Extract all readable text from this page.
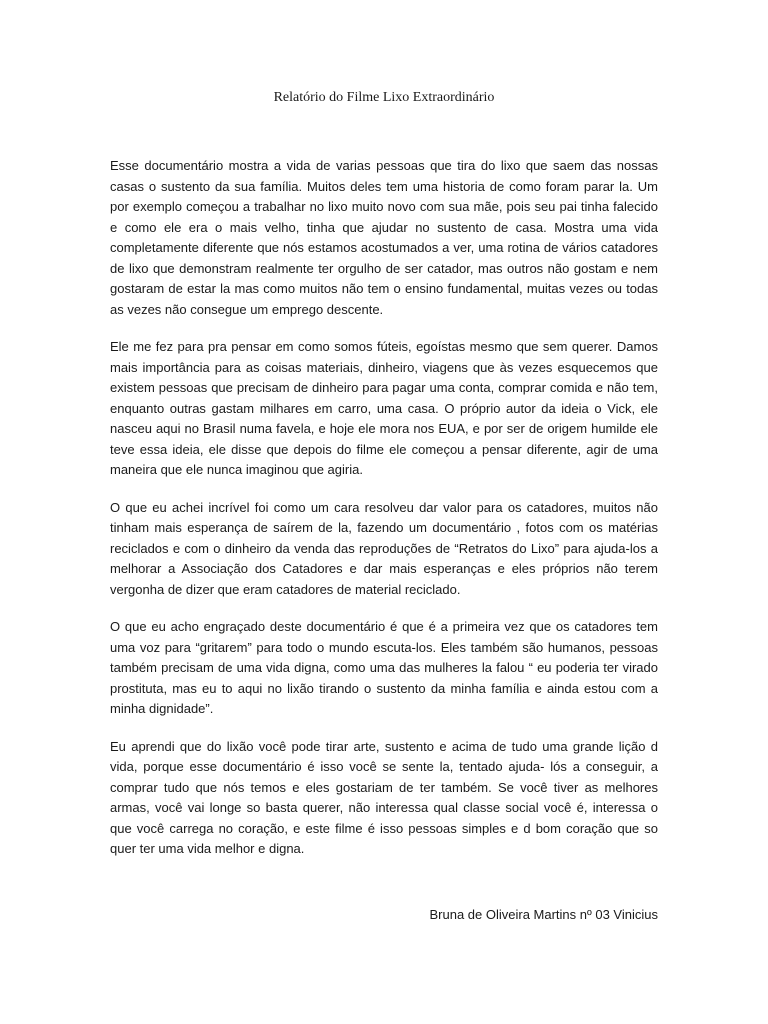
Relatório do Filme Lixo Extraordinário

Esse documentário mostra a vida de varias pessoas que tira do lixo que saem das nossas casas o sustento da sua família. Muitos deles tem uma historia de como foram parar la. Um por exemplo começou a trabalhar no lixo muito novo com sua mãe, pois seu pai tinha falecido e como ele era o mais velho, tinha que ajudar no sustento de casa. Mostra uma vida completamente diferente que nós estamos acostumados a ver, uma rotina de vários catadores de lixo que demonstram realmente ter orgulho de ser catador, mas outros não gostam e nem gostaram de estar la mas como muitos não tem o ensino fundamental, muitas vezes ou todas as vezes não consegue um emprego descente.

Ele me fez para pra pensar em como somos fúteis, egoístas mesmo que sem querer. Damos mais importância para as coisas materiais, dinheiro, viagens que às vezes esquecemos que existem pessoas que precisam de dinheiro para pagar uma conta, comprar comida e não tem, enquanto outras gastam milhares em carro, uma casa. O próprio autor da ideia o Vick, ele nasceu aqui no Brasil numa favela, e hoje ele mora nos EUA, e por ser de origem humilde ele teve essa ideia, ele disse que depois do filme ele começou a pensar diferente, agir de uma maneira que ele nunca imaginou que agiria.

O que eu achei incrível foi como um cara resolveu dar valor para os catadores, muitos não tinham mais esperança de saírem de la, fazendo um documentário , fotos com os matérias reciclados e com o dinheiro da venda das reproduções de “Retratos do Lixo” para ajuda-los a melhorar a Associação dos Catadores e dar mais esperanças e eles próprios não terem vergonha de dizer que eram catadores de material reciclado.

O que eu acho engraçado deste documentário é que é a primeira vez que os catadores tem uma voz para “gritarem” para todo o mundo escuta-los. Eles também são humanos, pessoas também precisam de uma vida digna, como uma das mulheres la falou “ eu poderia ter virado prostituta, mas eu to aqui no lixão tirando o sustento da minha família e ainda estou com a minha dignidade”.

Eu aprendi que do lixão você pode tirar arte, sustento e acima de tudo uma grande lição d vida, porque esse documentário é isso você se sente la, tentado ajuda- lós a conseguir, a comprar tudo que nós temos e eles gostariam de ter também. Se você tiver as melhores armas, você vai longe so basta querer, não interessa qual classe social você é, interessa o que você carrega no coração, e este filme é isso pessoas simples e d bom coração que so quer ter uma vida melhor e digna.

Bruna de Oliveira Martins nº 03 Vinicius
